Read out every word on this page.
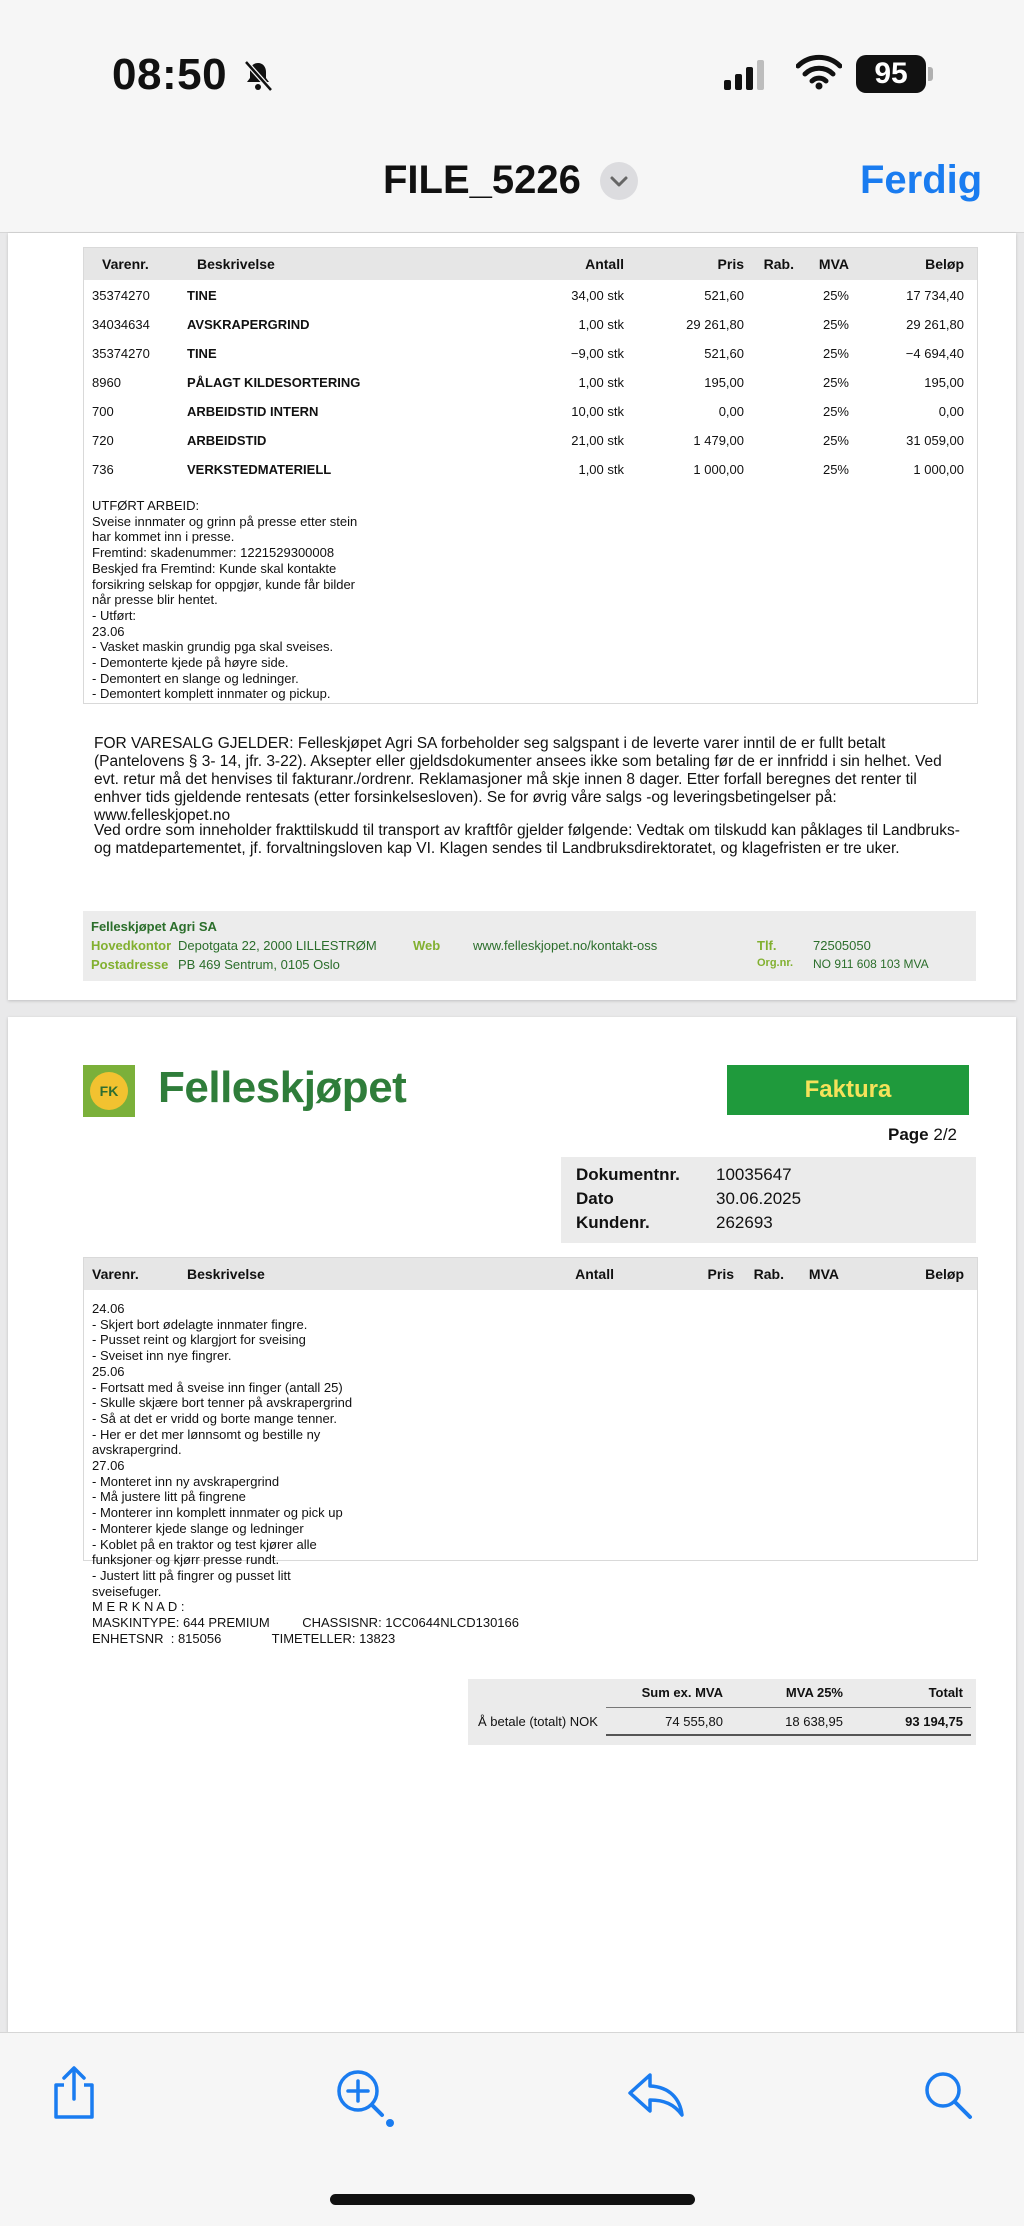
08:50	95
FILE_5226	Ferdig
Varenr.	Beskrivelse	Antall	Pris	Rab.	MVA	Beløp
35374270	TINE	34,00 stk	521,60	25%	17 734,40
34034634	AVSKRAPERGRIND	1,00 stk	29 261,80	25%	29 261,80
35374270	TINE	−9,00 stk	521,60	25%	−4 694,40
8960	PÅLAGT KILDESORTERING	1,00 stk	195,00	25%	195,00
700	ARBEIDSTID INTERN	10,00 stk	0,00	25%	0,00
720	ARBEIDSTID	21,00 stk	1 479,00	25%	31 059,00
736	VERKSTEDMATERIELL	1,00 stk	1 000,00	25%	1 000,00
UTFØRT ARBEID:
Sveise innmater og grinn på presse etter stein
har kommet inn i presse.
Fremtind: skadenummer: 1221529300008
Beskjed fra Fremtind: Kunde skal kontakte
forsikring selskap for oppgjør, kunde får bilder
når presse blir hentet.
- Utført:
23.06
- Vasket maskin grundig pga skal sveises.
- Demonterte kjede på høyre side.
- Demontert en slange og ledninger.
- Demontert komplett innmater og pickup.
FOR VARESALG GJELDER: Felleskjøpet Agri SA forbeholder seg salgspant i de leverte varer inntil de er fullt betalt (Pantelovens § 3- 14, jfr. 3-22). Aksepter eller gjeldsdokumenter ansees ikke som betaling før de er innfridd i sin helhet. Ved evt. retur må det henvises til fakturanr./ordrenr. Reklamasjoner må skje innen 8 dager. Etter forfall beregnes det renter til enhver tids gjeldende rentesats (etter forsinkelsesloven). Se for øvrig våre salgs -og leveringsbetingelser på: www.felleskjopet.no
Ved ordre som inneholder frakttilskudd til transport av kraftfôr gjelder følgende: Vedtak om tilskudd kan påklages til Landbruks- og matdepartementet, jf. forvaltningsloven kap VI. Klagen sendes til Landbruksdirektoratet, og klagefristen er tre uker.
Felleskjøpet Agri SA
Hovedkontor Depotgata 22, 2000 LILLESTRØM	Web	www.felleskjopet.no/kontakt-oss	Tlf.	72505050
Postadresse PB 469 Sentrum, 0105 Oslo	Org.nr. NO 911 608 103 MVA
FK Felleskjøpet	Faktura
Page 2/2
Dokumentnr. 10035647
Dato	30.06.2025
Kundenr.	262693
Varenr.	Beskrivelse	Antall	Pris	Rab.	MVA	Beløp
24.06
- Skjert bort ødelagte innmater fingre.
- Pusset reint og klargjort for sveising
- Sveiset inn nye fingrer.
25.06
- Fortsatt med å sveise inn finger (antall 25)
- Skulle skjære bort tenner på avskrapergrind
- Så at det er vridd og borte mange tenner.
- Her er det mer lønnsomt og bestille ny
avskrapergrind.
27.06
- Monteret inn ny avskrapergrind
- Må justere litt på fingrene
- Monterer inn komplett innmater og pick up
- Monterer kjede slange og ledninger
- Koblet på en traktor og test kjører alle
funksjoner og kjørr presse rundt.
- Justert litt på fingrer og pusset litt
sveisefuger.
M E R K N A D :
MASKINTYPE: 644 PREMIUM         CHASSISNR: 1CC0644NLCD130166
ENHETSNR  : 815056              TIMETELLER: 13823
Sum ex. MVA	MVA 25%	Totalt
Å betale (totalt) NOK	74 555,80	18 638,95	93 194,75
